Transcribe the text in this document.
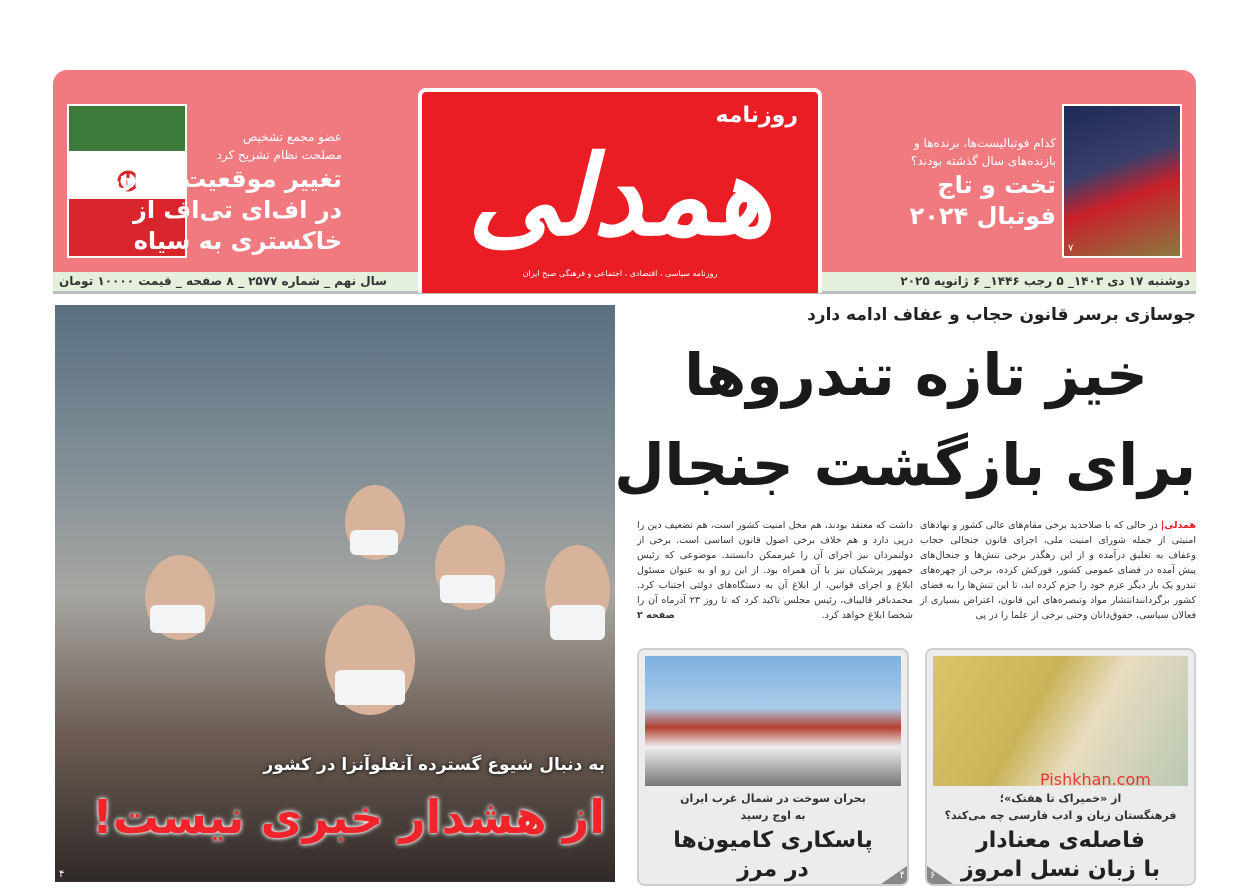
روزنامه
همدلی
روزنامه سیاسی ، اقتصادی ، اجتماعی و فرهنگی صبح ایران
عضو مجمع تشخیص
مصلحت نظام تشریح کرد
تغییر موقعیت ایران
در اف‌ای تی‌اف از
خاکستری به سیاه	۷
کدام فوتبالیست‌ها، برنده‌ها و
بازنده‌های سال گذشته بودند؟
تخت و تاج
فوتبال ۲۰۲۴
دوشنبه ۱۷ دی ۱۴۰۳_ ۵ رجب ۱۴۴۶_ ۶ ژانویه ۲۰۲۵
سال نهم _ شماره ۲۵۷۷ _ ۸ صفحه _ قیمت ۱۰۰۰۰ تومان
به دنبال شیوع گسترده آنفلوآنزا در کشور
از هشدار خبری نیست!
۴
جوسازی برسر قانون حجاب و عفاف ادامه دارد
خیز تازه تندروها
برای بازگشت جنجال
همدلی| در حالی که با صلاحدید برخی مقام‌های عالی کشور و نهادهای امنیتی از جمله شورای امنیت ملی، اجرای قانون جنجالی حجاب وعفاف به تعلیق درآمده و از این رهگذر برخی تنش‌ها و جنجال‌های پیش آمده در فضای عمومی کشور، فورکش کرده، برخی از چهره‌های تندرو یک بار دیگر عزم خود را جزم کرده اند، تا این تنش‌ها را به فضای کشور برگردانندانتشار مواد وتبصره‌های این قانون، اعتراض بسیاری از فعالان سیاسی، حقوق‌دانان وحتی برخی از علما را در پی
داشت که معتقد بودند، هم مخل امنیت کشور است، هم تضعیف دین را درپی دارد و هم خلاف برخی اصول قانون اساسی است. برخی از دولتمردان نیز اجرای آن را غیرممکن دانستند. موضوعی که رئیس جمهور پزشکیان نیز با آن همراه بود. از این رو او به عنوان مسئول ابلاغ و اجرای قوانین، از ابلاغ آن به دستگاه‌های دولتی اجتناب کرد. محمدباقر قالیباف، رئیس مجلس تاکید کرد که تا روز ۲۳ آذرماه آن را شخصا ابلاغ خواهد کرد.
صفحه ۲
بحران سوخت در شمال غرب ایران
به اوج رسید
پاسکاری کامیون‌ها
در مرز	۴
از «خمیراک تا هفتک»؛
فرهنگستان زبان و ادب فارسی چه می‌کند؟
فاصله‌ی معنادار
با زبان نسل امروز
۶
Pishkhan.com
